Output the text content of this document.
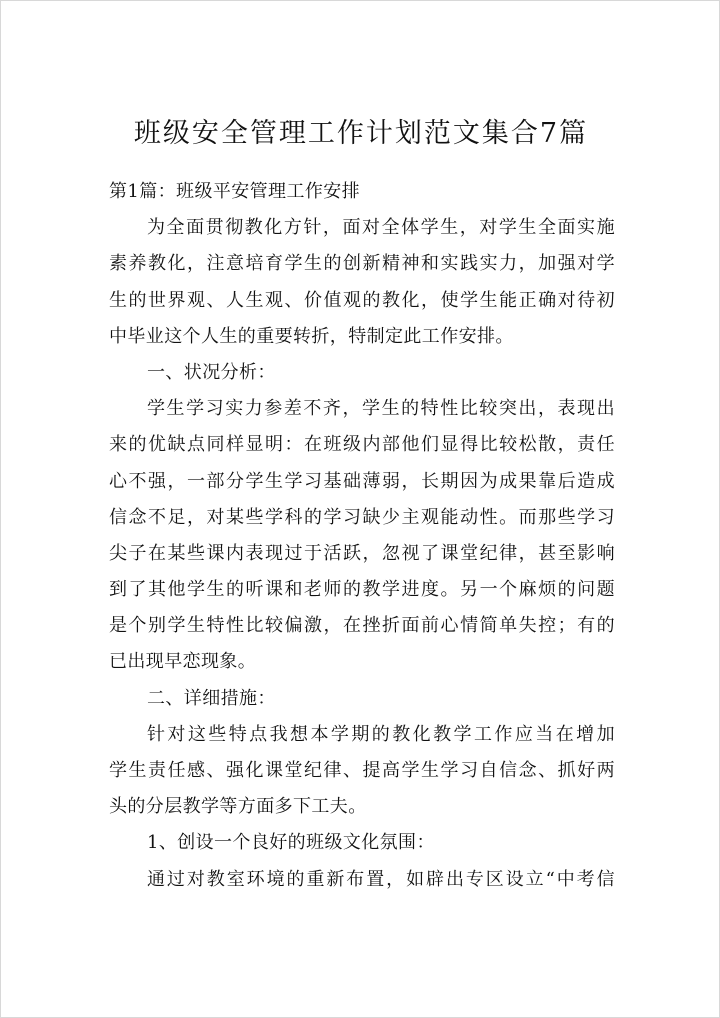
班级安全管理工作计划范文集合7篇
第1篇：班级平安管理工作安排
为全面贯彻教化方针，面对全体学生，对学生全面实施
素养教化，注意培育学生的创新精神和实践实力，加强对学
生的世界观、人生观、价值观的教化，使学生能正确对待初
中毕业这个人生的重要转折，特制定此工作安排。
一、状况分析：
学生学习实力参差不齐，学生的特性比较突出，表现出
来的优缺点同样显明：在班级内部他们显得比较松散，责任
心不强，一部分学生学习基础薄弱，长期因为成果靠后造成
信念不足，对某些学科的学习缺少主观能动性。而那些学习
尖子在某些课内表现过于活跃，忽视了课堂纪律，甚至影响
到了其他学生的听课和老师的教学进度。另一个麻烦的问题
是个别学生特性比较偏激，在挫折面前心情简单失控；有的
已出现早恋现象。
二、详细措施：
针对这些特点我想本学期的教化教学工作应当在增加
学生责任感、强化课堂纪律、提高学生学习自信念、抓好两
头的分层教学等方面多下工夫。
1、创设一个良好的班级文化氛围：
通过对教室环境的重新布置，如辟出专区设立“中考信
